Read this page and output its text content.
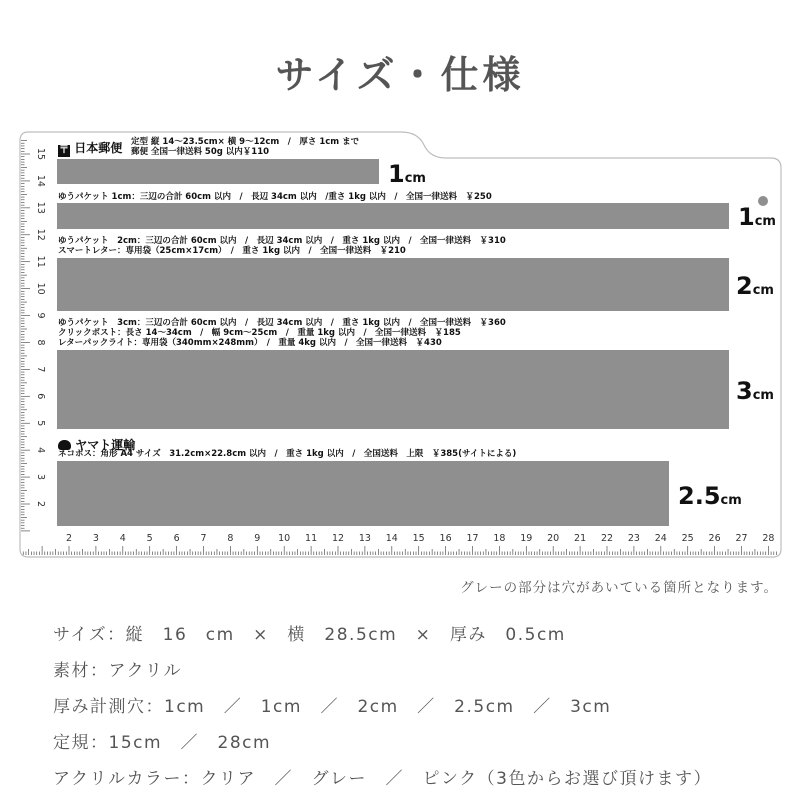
サイズ・仕様
2 3 4 5 6 7 8 9 10 11 12 13 14 15 16 17 18 19 20 21 22 23 24 25 26 27 28
15
14
13
12
11
10
9
8
7
6
5
4
3
2
〒 日本郵便 定型 縦 14～23.5cm× 横 9～12cm　/　厚さ 1cm まで
郵便 全国一律送料 50g 以内￥110
1cm
ゆうパケット 1cm：三辺の合計 60cm 以内　/　長辺 34cm 以内　/重さ 1kg 以内　/　全国一律送料　￥250
1cm
ゆうパケット　2cm：三辺の合計 60cm 以内　/　長辺 34cm 以内　/　重さ 1kg 以内　/　全国一律送料　￥310
スマートレター：専用袋（25cm×17cm）　/　重さ 1kg 以内　/　全国一律送料　￥210
2cm
ゆうパケット　3cm：三辺の合計 60cm 以内　/　長辺 34cm 以内　/　重さ 1kg 以内　/　全国一律送料　￥360
クリックポスト：長さ 14～34cm　/　幅 9cm～25cm　/　重量 1kg 以内　/　全国一律送料　￥185
レターパックライト：専用袋（340mm×248mm）　/　重量 4kg 以内　/　全国一律送料　￥430
3cm
ヤマト運輸
ネコポス：角形 A4 サイズ　31.2cm×22.8cm 以内　/　重さ 1kg 以内　/　全国送料　上限　￥385(サイトによる)
2.5cm
グレーの部分は穴があいている箇所となります。
サイズ：縦　16　cm　×　横　28.5cm　×　厚み　0.5cm
素材：アクリル
厚み計測穴：1cm　／　1cm　／　2cm　／　2.5cm　／　3cm
定規：15cm　／　28cm
アクリルカラー：クリア　／　グレー　／　ピンク（3色からお選び頂けます）
